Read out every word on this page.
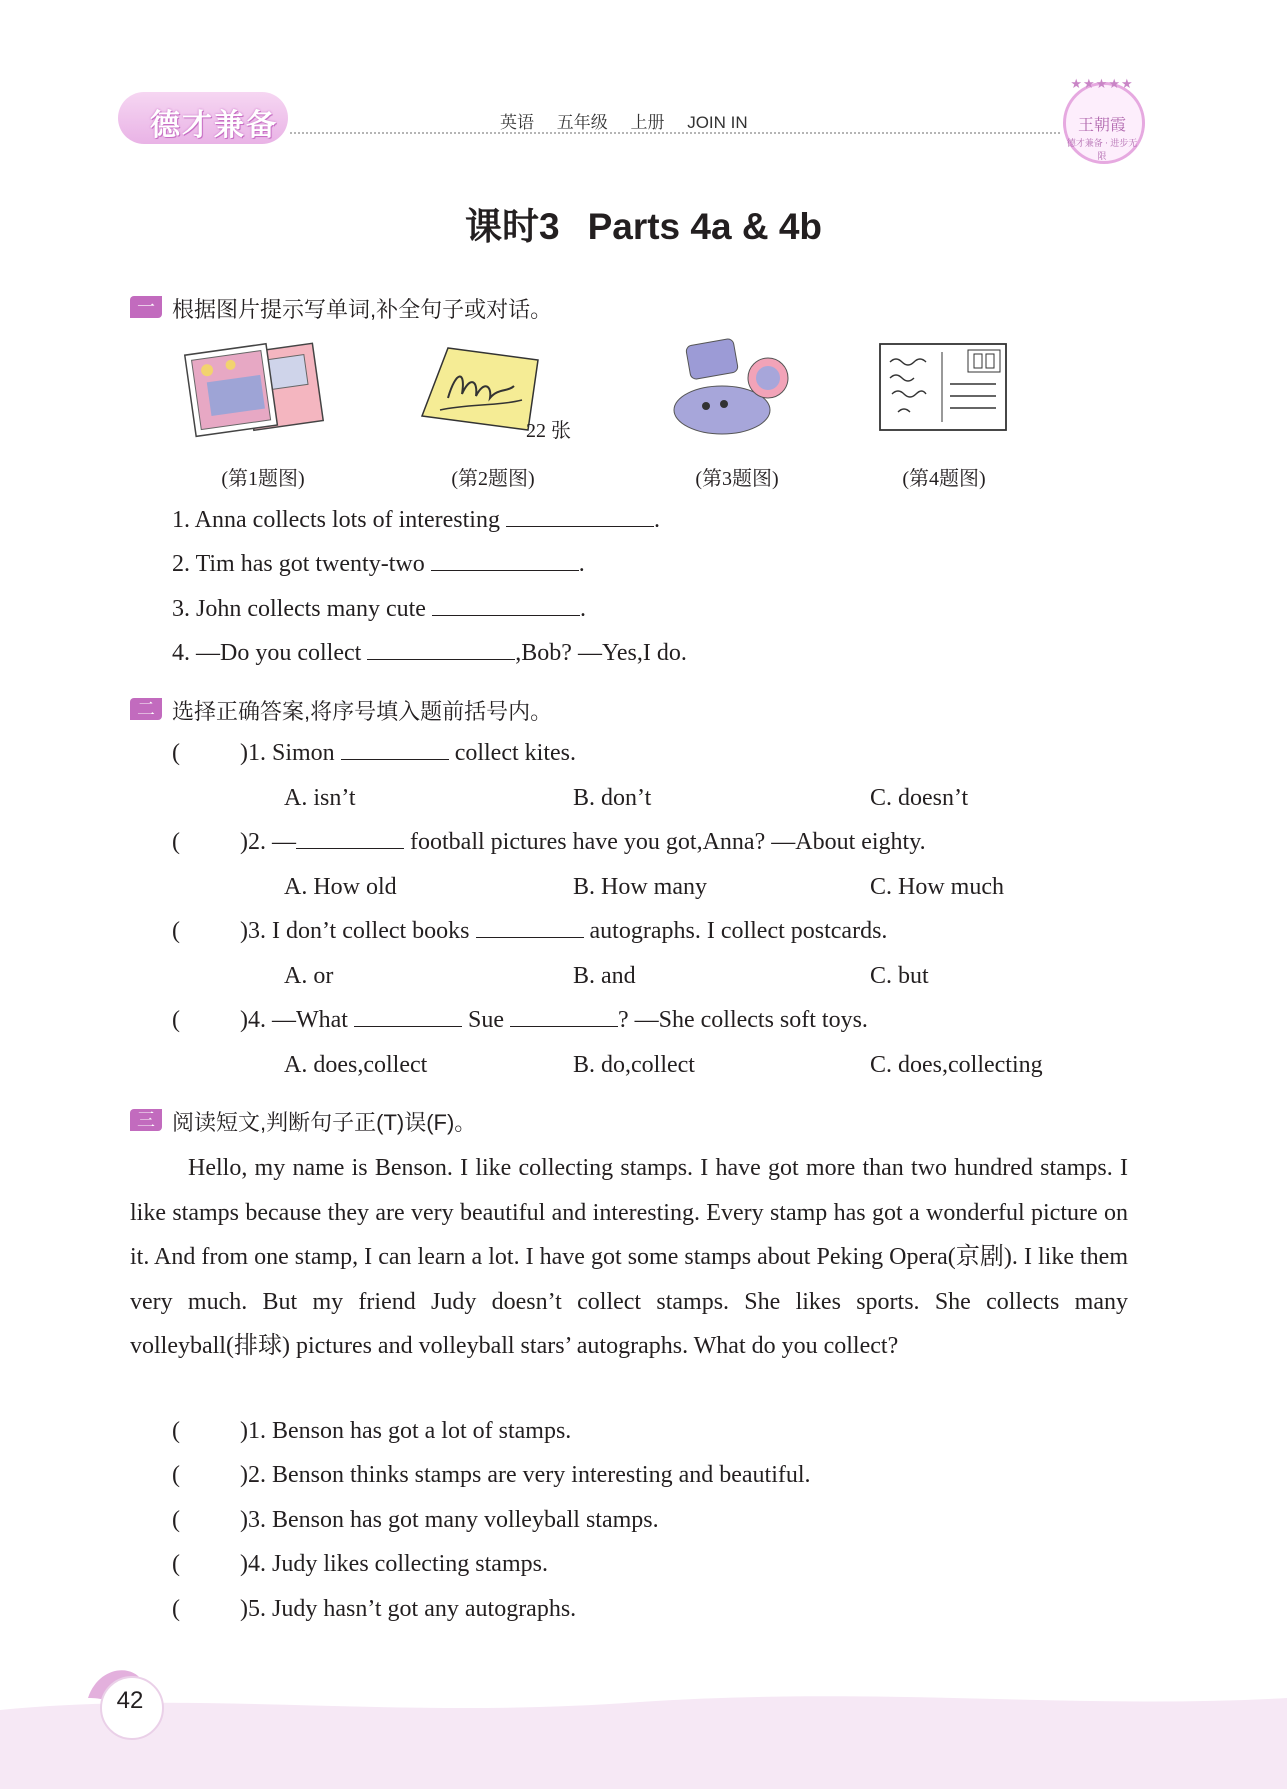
德才兼备	英语 五年级 上册 JOIN IN
★★★★★
王朝霞
德才兼备 · 进步无限
课时3 Parts 4a & 4b
一 根据图片提示写单词,补全句子或对话。
22 张
(第1题图)	(第2题图)	(第3题图)	(第4题图)
1. Anna collects lots of interesting	.
2. Tim has got twenty-two	.
3. John collects many cute	.
4. —Do you collect	,Bob? —Yes,I do.
二 选择正确答案,将序号填入题前括号内。
(	)1. Simon	collect kites.
A. isn’t	B. don’t	C. doesn’t
(	)2. —	football pictures have you got,Anna? —About eighty.
A. How old	B. How many	C. How much
(	)3. I don’t collect books	autographs. I collect postcards.
A. or	B. and	C. but
(	)4. —What	Sue	? —She collects soft toys.
A. does,collect	B. do,collect	C. does,collecting
三 阅读短文,判断句子正(T)误(F)。
Hello, my name is Benson. I like collecting stamps. I have got more than two hundred stamps. I like stamps because they are very beautiful and interesting. Every stamp has got a wonderful picture on it. And from one stamp, I can learn a lot. I have got some stamps about Peking Opera(京剧). I like them very much. But my friend Judy doesn’t collect stamps. She likes sports. She collects many volleyball(排球) pictures and volleyball stars’ autographs. What do you collect?
(	)1. Benson has got a lot of stamps.
(	)2. Benson thinks stamps are very interesting and beautiful.
(	)3. Benson has got many volleyball stamps.
(	)4. Judy likes collecting stamps.
(	)5. Judy hasn’t got any autographs.
42
